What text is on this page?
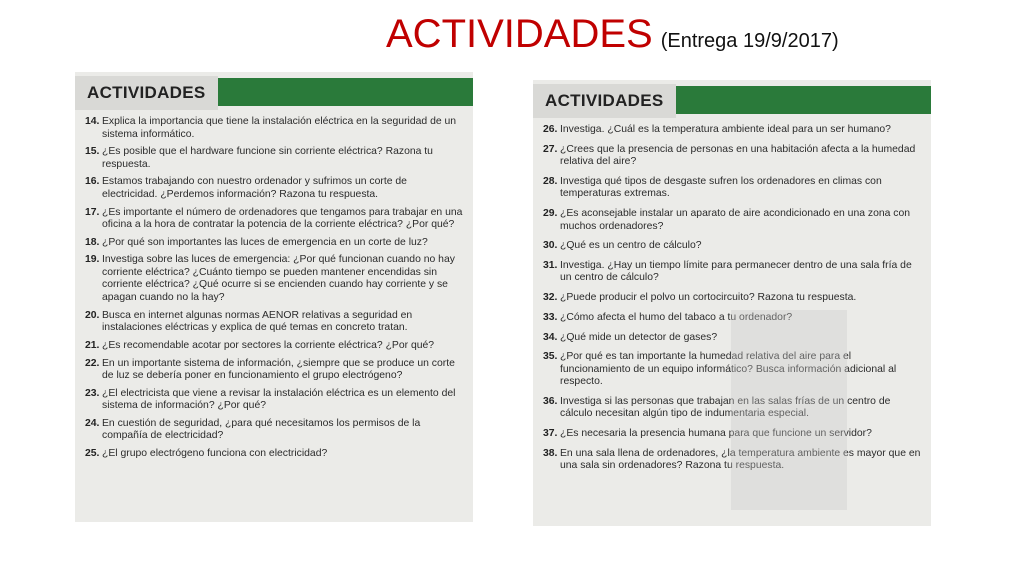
ACTIVIDADES (Entrega 19/9/2017)
ACTIVIDADES
14. Explica la importancia que tiene la instalación eléctrica en la seguridad de un sistema informático.
15. ¿Es posible que el hardware funcione sin corriente eléctrica? Razona tu respuesta.
16. Estamos trabajando con nuestro ordenador y sufrimos un corte de electricidad. ¿Perdemos información? Razona tu respuesta.
17. ¿Es importante el número de ordenadores que tengamos para trabajar en una oficina a la hora de contratar la potencia de la corriente eléctrica? ¿Por qué?
18. ¿Por qué son importantes las luces de emergencia en un corte de luz?
19. Investiga sobre las luces de emergencia: ¿Por qué funcionan cuando no hay corriente eléctrica? ¿Cuánto tiempo se pueden mantener encendidas sin corriente eléctrica? ¿Qué ocurre si se encienden cuando hay corriente y se apagan cuando no la hay?
20. Busca en internet algunas normas AENOR relativas a seguridad en instalaciones eléctricas y explica de qué temas en concreto tratan.
21. ¿Es recomendable acotar por sectores la corriente eléctrica? ¿Por qué?
22. En un importante sistema de información, ¿siempre que se produce un corte de luz se debería poner en funcionamiento el grupo electrógeno?
23. ¿El electricista que viene a revisar la instalación eléctrica es un elemento del sistema de información? ¿Por qué?
24. En cuestión de seguridad, ¿para qué necesitamos los permisos de la compañía de electricidad?
25. ¿El grupo electrógeno funciona con electricidad?
ACTIVIDADES
26. Investiga. ¿Cuál es la temperatura ambiente ideal para un ser humano?
27. ¿Crees que la presencia de personas en una habitación afecta a la humedad relativa del aire?
28. Investiga qué tipos de desgaste sufren los ordenadores en climas con temperaturas extremas.
29. ¿Es aconsejable instalar un aparato de aire acondicionado en una zona con muchos ordenadores?
30. ¿Qué es un centro de cálculo?
31. Investiga. ¿Hay un tiempo límite para permanecer dentro de una sala fría de un centro de cálculo?
32. ¿Puede producir el polvo un cortocircuito? Razona tu respuesta.
33. ¿Cómo afecta el humo del tabaco a tu ordenador?
34. ¿Qué mide un detector de gases?
35. ¿Por qué es tan importante la humedad relativa del aire para el funcionamiento de un equipo informático? Busca información adicional al respecto.
36. Investiga si las personas que trabajan en las salas frías de un centro de cálculo necesitan algún tipo de indumentaria especial.
37. ¿Es necesaria la presencia humana para que funcione un servidor?
38. En una sala llena de ordenadores, ¿la temperatura ambiente es mayor que en una sala sin ordenadores? Razona tu respuesta.
